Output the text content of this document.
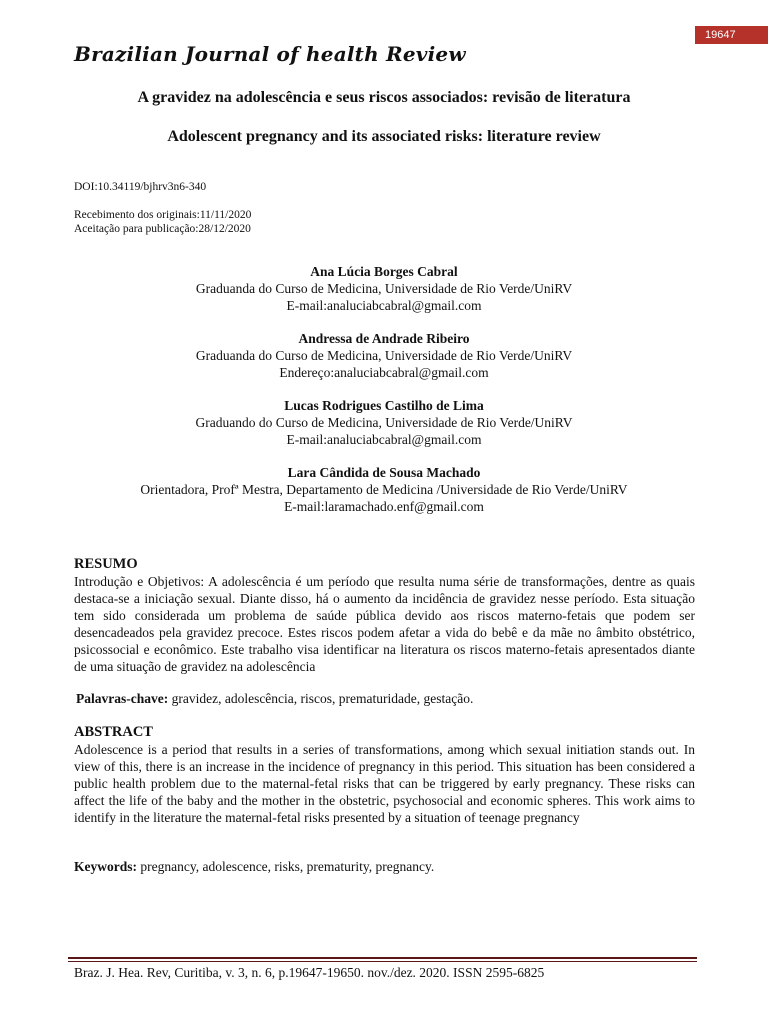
19647
Brazilian Journal of health Review
A gravidez na adolescência e seus riscos associados: revisão de literatura
Adolescent pregnancy and its associated risks: literature review
DOI:10.34119/bjhrv3n6-340
Recebimento dos originais:11/11/2020
Aceitação para publicação:28/12/2020
Ana Lúcia Borges Cabral
Graduanda do Curso de Medicina, Universidade de Rio Verde/UniRV
E-mail:analuciabcabral@gmail.com
Andressa de Andrade Ribeiro
Graduanda do Curso de Medicina, Universidade de Rio Verde/UniRV
Endereço:analuciabcabral@gmail.com
Lucas Rodrigues Castilho de Lima
Graduando do Curso de Medicina, Universidade de Rio Verde/UniRV
E-mail:analuciabcabral@gmail.com
Lara Cândida de Sousa Machado
Orientadora, Profª Mestra, Departamento de Medicina /Universidade de Rio Verde/UniRV
E-mail:laramachado.enf@gmail.com
RESUMO
Introdução e Objetivos: A adolescência é um período que resulta numa série de transformações, dentre as quais destaca-se a iniciação sexual. Diante disso, há o aumento da incidência de gravidez nesse período. Esta situação tem sido considerada um problema de saúde pública devido aos riscos materno-fetais que podem ser desencadeados pela gravidez precoce. Estes riscos podem afetar a vida do bebê e da mãe no âmbito obstétrico, psicossocial e econômico. Este trabalho visa identificar na literatura os riscos materno-fetais apresentados diante de uma situação de gravidez na adolescência
Palavras-chave: gravidez, adolescência, riscos, prematuridade, gestação.
ABSTRACT
Adolescence is a period that results in a series of transformations, among which sexual initiation stands out. In view of this, there is an increase in the incidence of pregnancy in this period. This situation has been considered a public health problem due to the maternal-fetal risks that can be triggered by early pregnancy. These risks can affect the life of the baby and the mother in the obstetric, psychosocial and economic spheres. This work aims to identify in the literature the maternal-fetal risks presented by a situation of teenage pregnancy
Keywords: pregnancy, adolescence, risks, prematurity, pregnancy.
Braz. J. Hea. Rev, Curitiba, v. 3, n. 6, p.19647-19650. nov./dez. 2020. ISSN 2595-6825
